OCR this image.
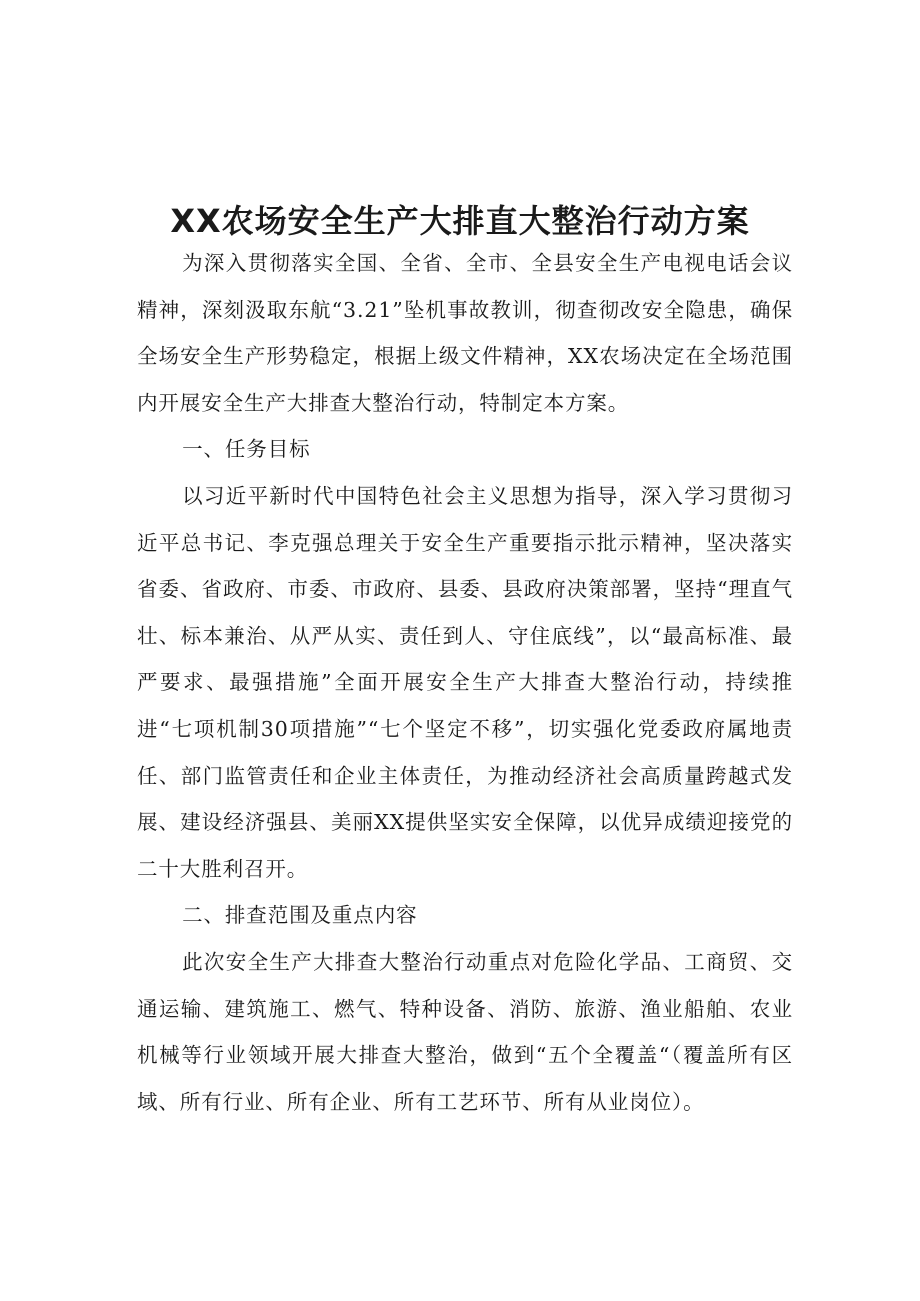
XX农场安全生产大排直大整治行动方案

为深入贯彻落实全国、全省、全市、全县安全生产电视电话会议精神，深刻汲取东航“3.21”坠机事故教训，彻查彻改安全隐患，确保全场安全生产形势稳定，根据上级文件精神，XX农场决定在全场范围内开展安全生产大排查大整治行动，特制定本方案。

一、任务目标

以习近平新时代中国特色社会主义思想为指导，深入学习贯彻习近平总书记、李克强总理关于安全生产重要指示批示精神，坚决落实省委、省政府、市委、市政府、县委、县政府决策部署，坚持“理直气壮、标本兼治、从严从实、责任到人、守住底线”，以“最高标准、最严要求、最强措施”全面开展安全生产大排查大整治行动，持续推进“七项机制30项措施”“七个坚定不移”，切实强化党委政府属地责任、部门监管责任和企业主体责任，为推动经济社会高质量跨越式发展、建设经济强县、美丽XX提供坚实安全保障，以优异成绩迎接党的二十大胜利召开。

二、排查范围及重点内容

此次安全生产大排查大整治行动重点对危险化学品、工商贸、交通运输、建筑施工、燃气、特种设备、消防、旅游、渔业船舶、农业机械等行业领域开展大排查大整治，做到“五个全覆盖“（覆盖所有区域、所有行业、所有企业、所有工艺环节、所有从业岗位）。
